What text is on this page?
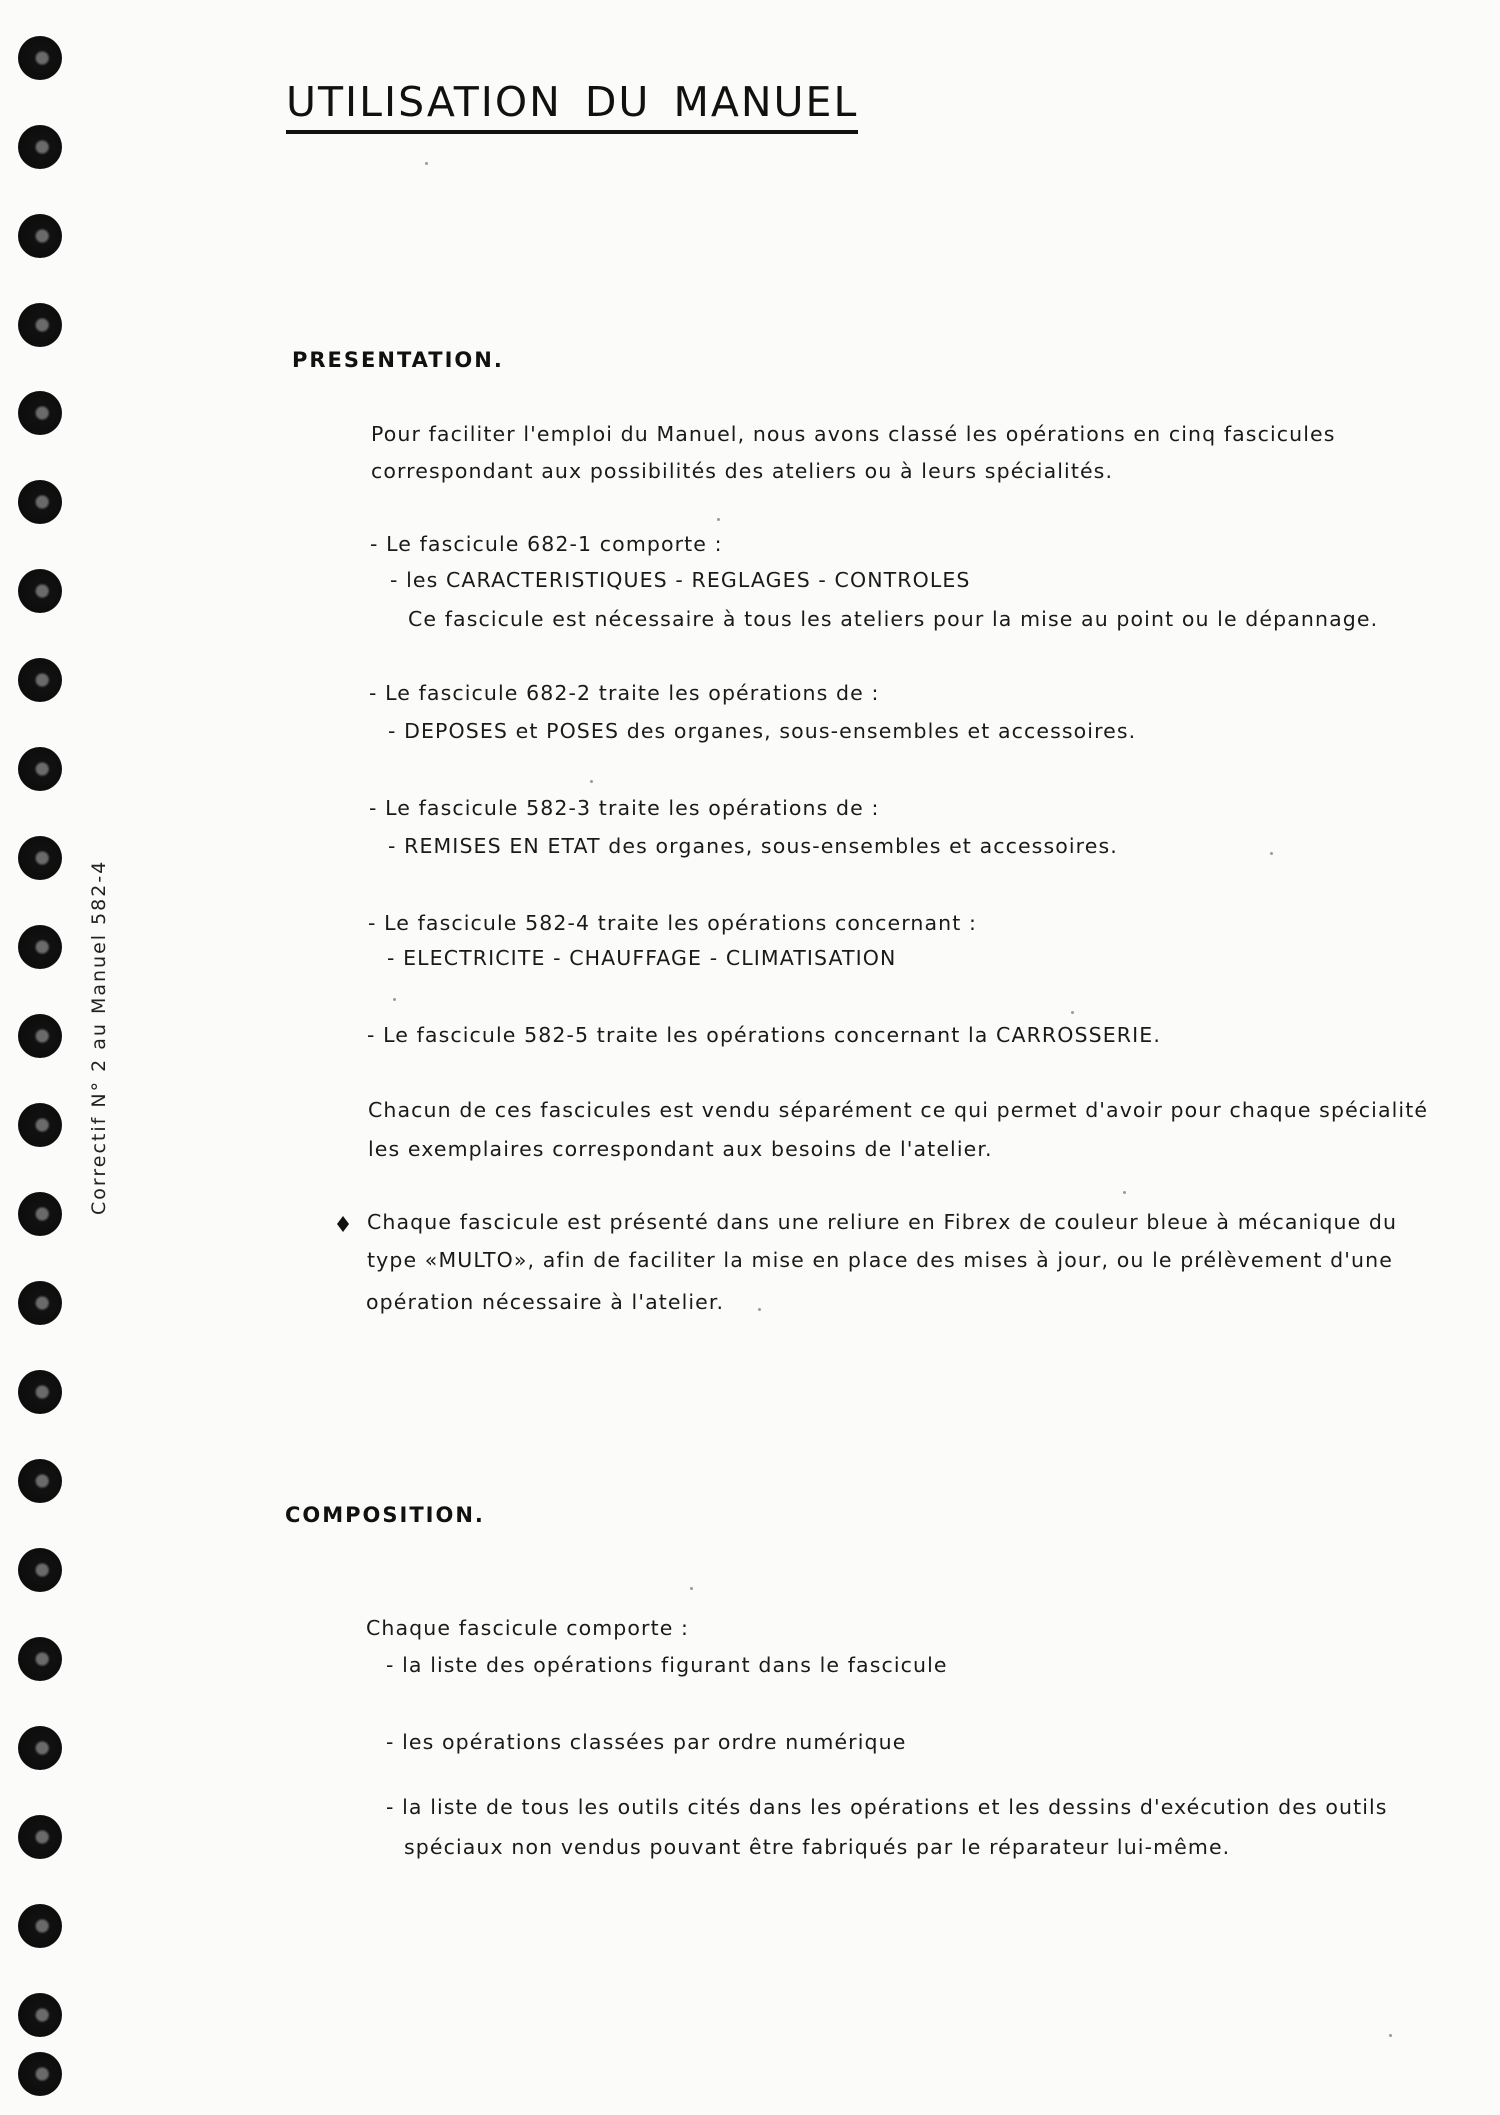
Correctif N° 2 au Manuel 582-4
UTILISATION DU MANUEL
PRESENTATION.
Pour faciliter l'emploi du Manuel, nous avons classé les opérations en cinq fascicules
correspondant aux possibilités des ateliers ou à leurs spécialités.
- Le fascicule 682-1 comporte :
- les CARACTERISTIQUES - REGLAGES - CONTROLES
Ce fascicule est nécessaire à tous les ateliers pour la mise au point ou le dépannage.
- Le fascicule 682-2 traite les opérations de :
- DEPOSES et POSES des organes, sous-ensembles et accessoires.
- Le fascicule 582-3 traite les opérations de :
- REMISES EN ETAT des organes, sous-ensembles et accessoires.
- Le fascicule 582-4 traite les opérations concernant :
- ELECTRICITE - CHAUFFAGE - CLIMATISATION
- Le fascicule 582-5 traite les opérations concernant la CARROSSERIE.
Chacun de ces fascicules est vendu séparément ce qui permet d'avoir pour chaque spécialité
les exemplaires correspondant aux besoins de l'atelier.
Chaque fascicule est présenté dans une reliure en Fibrex de couleur bleue à mécanique du
type «MULTO», afin de faciliter la mise en place des mises à jour, ou le prélèvement d'une
opération nécessaire à l'atelier.
COMPOSITION.
Chaque fascicule comporte :
- la liste des opérations figurant dans le fascicule
- les opérations classées par ordre numérique
- la liste de tous les outils cités dans les opérations et les dessins d'exécution des outils
spéciaux non vendus pouvant être fabriqués par le réparateur lui-même.
